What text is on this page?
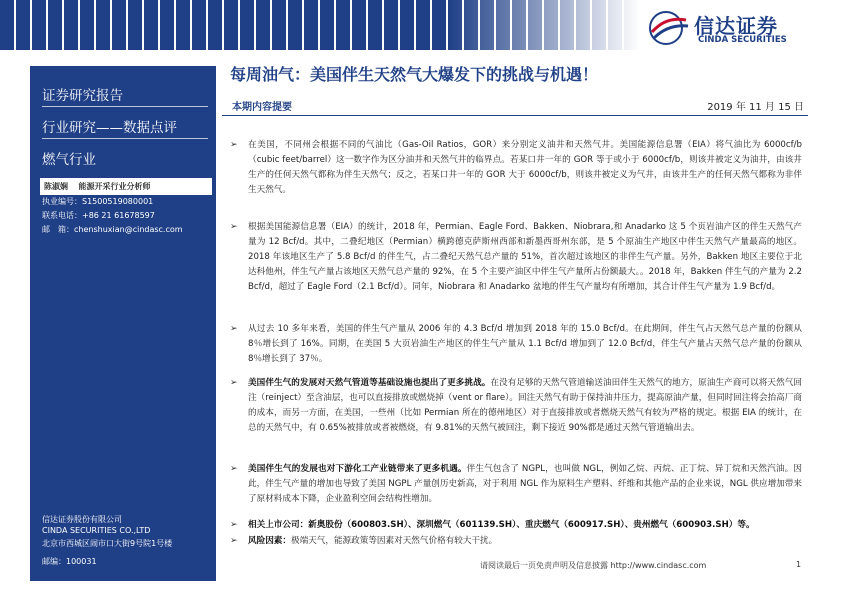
信达证券
CINDA SECURITIES
证券研究报告
行业研究——数据点评
燃气行业
陈淑娴 能源开采行业分析师
执业编号：S1500519080001
联系电话：+86 21 61678597
邮　箱：chenshuxian@cindasc.com
信达证券股份有限公司
CINDA SECURITIES CO.,LTD
北京市西城区闹市口大街9号院1号楼
邮编：100031
每周油气：美国伴生天然气大爆发下的挑战与机遇！
本期内容提要	2019 年 11 月 15 日
➢	在美国，不同州会根据不同的气油比（Gas-Oil Ratios，GOR）来分别定义油井和天然气井。美国能源信息署（EIA）将气油比为 6000cf/b（cubic feet/barrel）这一数字作为区分油井和天然气井的临界点。若某口井一年的 GOR 等于或小于 6000cf/b，则该井被定义为油井，由该井生产的任何天然气都称为伴生天然气；反之，若某口井一年的 GOR 大于 6000cf/b，则该井被定义为气井，由该井生产的任何天然气都称为非伴生天然气。
➢	根据美国能源信息署（EIA）的统计，2018 年，Permian、Eagle Ford、Bakken、Niobrara,和 Anadarko 这 5 个页岩油产区的伴生天然气产量为 12 Bcf/d。其中，二叠纪地区（Permian）横跨德克萨斯州西部和新墨西哥州东部，是 5 个原油生产地区中伴生天然气产量最高的地区。2018 年该地区生产了 5.8 Bcf/d 的伴生气，占二叠纪天然气总产量的 51%，首次超过该地区的非伴生气产量。另外，Bakken 地区主要位于北达科他州，伴生气产量占该地区天然气总产量的 92%，在 5 个主要产油区中伴生气产量所占份额最大。。2018 年，Bakken 伴生气的产量为 2.2 Bcf/d，超过了 Eagle Ford（2.1 Bcf/d）。同年，Niobrara 和 Anadarko 盆地的伴生气产量均有所增加，其合计伴生气产量为 1.9 Bcf/d。
➢	从过去 10 多年来看，美国的伴生气产量从 2006 年的 4.3 Bcf/d 增加到 2018 年的 15.0 Bcf/d。在此期间，伴生气占天然气总产量的份额从 8％增长到了 16%。同期，在美国 5 大页岩油生产地区的伴生气产量从 1.1 Bcf/d 增加到了 12.0 Bcf/d，伴生气产量占天然气总产量的份额从 8％增长到了 37％。
➢	美国伴生气的发展对天然气管道等基础设施也提出了更多挑战。在没有足够的天然气管道输送油田伴生天然气的地方，原油生产商可以将天然气回注（reinject）至含油层，也可以直接排放或燃烧掉（vent or flare）。回注天然气有助于保持油井压力，提高原油产量，但同时回注将会抬高厂商的成本，而另一方面，在美国，一些州（比如 Permian 所在的德州地区）对于直接排放或者燃烧天然气有较为严格的规定。根据 EIA 的统计，在总的天然气中，有 0.65%被排放或者被燃烧，有 9.81%的天然气被回注，剩下接近 90%都是通过天然气管道输出去。
➢	美国伴生气的发展也对下游化工产业链带来了更多机遇。伴生气包含了 NGPL，也叫做 NGL，例如乙烷、丙烷、正丁烷、异丁烷和天然汽油。因此，伴生气产量的增加也导致了美国 NGPL 产量创历史新高，对于利用 NGL 作为原料生产塑料、纤维和其他产品的企业来说，NGL 供应增加带来了原材料成本下降，企业盈利空间会结构性增加。
➢	相关上市公司：新奥股份（600803.SH）、深圳燃气（601139.SH）、重庆燃气（600917.SH）、贵州燃气（600903.SH）等。
➢	风险因素：极端天气，能源政策等因素对天然气价格有较大干扰。
请阅读最后一页免责声明及信息披露 http://www.cindasc.com	1
